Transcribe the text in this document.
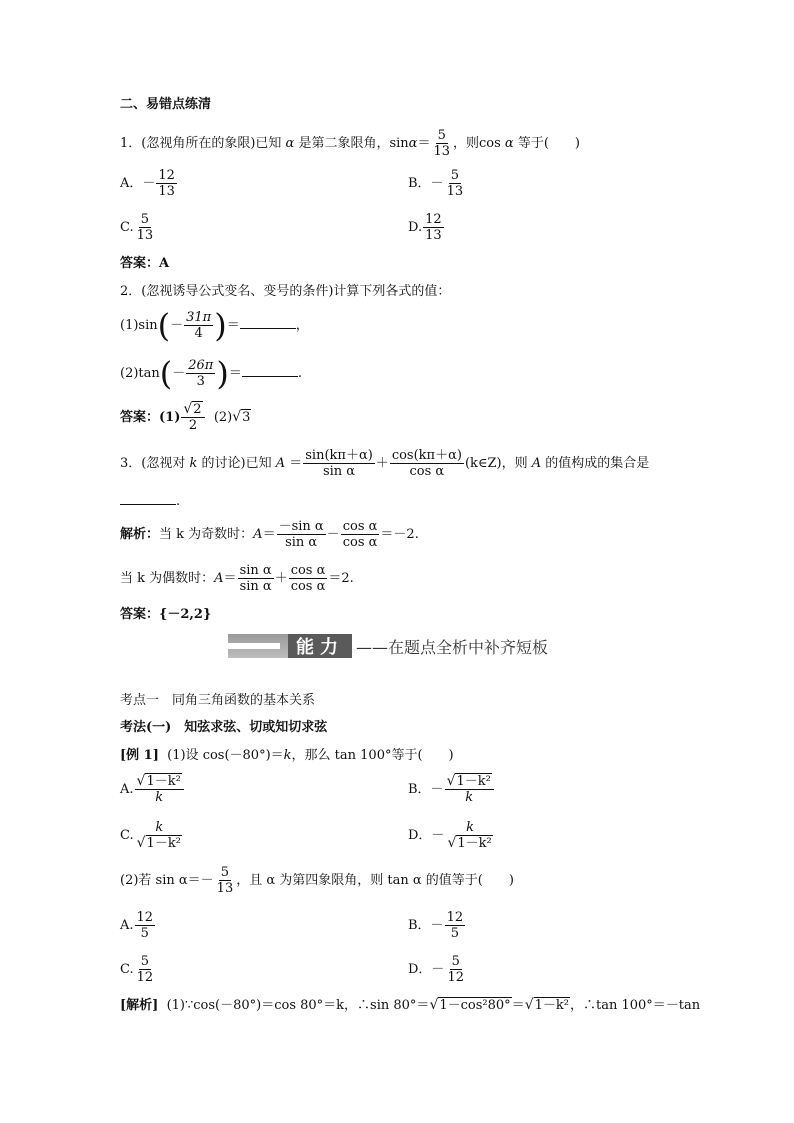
二、易错点练清
1．(忽视角所在的象限)已知 α 是第二象限角，$\sin\alpha= \frac{5}{13}$ ，则cos α 等于(　　)
A．－ $\frac{12}{13}$	B．－ $\frac{5}{13}$
C. $\frac{5}{13}$	D. $\frac{12}{13}$
答案：A
2．(忽视诱导公式变名、变号的条件)计算下列各式的值：
$(1)\sin(- \frac{31\pi}{4}$ )＝	，
$(2)\tan(- \frac{26\pi}{3}$ )＝	.
答案：$(1) \frac{√2}{2} (2)√3$
3．(忽视对 k 的讨论)已知 $A = \frac{\sin(k\pi+\alpha)}{\text{sin α}} + \frac{\cos(k\pi+\alpha)}{\text{cos α}}$ (k∈Z)，则 A 的值构成的集合是
.
解析：当 k 为奇数时：$A= \frac{\text{－sin α}}{\text{sin α}} - \frac{\text{cos α}}{\text{cos α}} =-2$.
当 k 为偶数时：$A= \frac{\text{sin α}}{\text{sin α}} + \frac{\text{cos α}}{\text{cos α}} =2$.
答案：{－2,2}
能力 ——在题点全析中补齐短板
考点一　同角三角函数的基本关系
考法(一)　知弦求弦、切或知切求弦
[例 1] (1)设 cos(－80°)＝k，那么 tan 100°等于(　　)
A. $\frac{\text{√1－k²}}{k}$	B．－ $\frac{\text{√1－k²}}{k}$
C. $\frac{k}{\text{√1－k²}}$	D．－ $\frac{k}{\text{√1－k²}}$
(2)若 $\sin \alpha=- \frac{5}{13}$ ，且 α 为第四象限角，则 tan α 的值等于(　　)
A. $\frac{12}{5}$	B．－ $\frac{12}{5}$
C. $\frac{5}{12}$	D．－ $\frac{5}{12}$
[解析] (1)∵cos(－80°)＝cos 80°＝k，∴sin 80°＝√1－cos²80°＝√1－k²，∴tan 100°＝－tan
